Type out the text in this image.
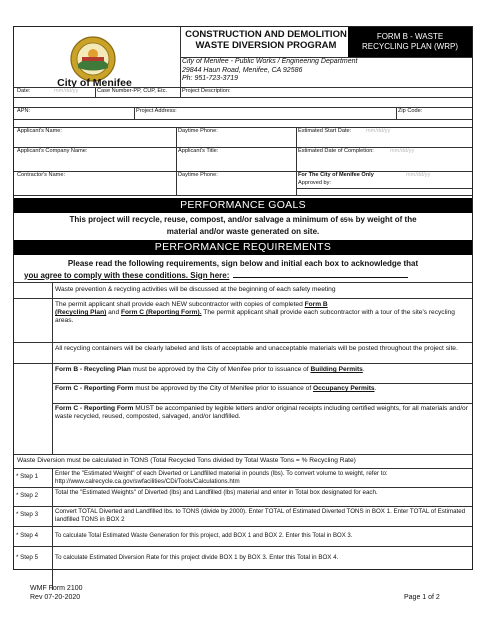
City of Menifee
CONSTRUCTION AND DEMOLITION
WASTE DIVERSION PROGRAM
FORM B - WASTE
RECYCLING PLAN (WRP)
City of Menifee - Public Works / Engineering Department
29844 Haun Road, Menifee, CA 92586
Ph: 951-723-3719
Date:	mm/dd/yy	Case Number-PP, CUP, Etc.	Project Description:
APN:	Project Address:	Zip Code:
Applicant's Name:	Daytime Phone:	Estimated Start Date:	mm/dd/yy
Applicant's Company Name:	Applicant's Title:	Estimated Date of Completion:	mm/dd/yy
Contractor's Name:	Daytime Phone:	For The City of Menifee Only	mm/dd/yy
Approved by:
PERFORMANCE GOALS
This project will recycle, reuse, compost, and/or salvage a minimum of 65% by weight of the
material and/or waste generated on site.
PERFORMANCE REQUIREMENTS
Please read the following requirements, sign below and initial each box to acknowledge that
you agree to comply with these conditions. Sign here:
Waste prevention & recycling activities will be discussed at the beginning of each safety meeting
The permit applicant shall provide each NEW subcontractor with copies of completed Form B
(Recycling Plan) and Form C (Reporting Form). The permit applicant shall provide each subcontractor with a tour of the site's recycling areas.
All recycling containers will be clearly labeled and lists of acceptable and unacceptable materials will be posted throughout the project site.
Form B - Recycling Plan must be approved by the City of Menifee prior to issuance of Building Permits.
Form C - Reporting Form must be approved by the City of Menifee prior to issuance of Occupancy Permits.
Form C - Reporting Form MUST be accompanied by legible letters and/or original receipts including certified weights, for all materials and/or waste recycled, reused, composted, salvaged, and/or landfilled.
Waste Diversion must be calculated in TONS (Total Recycled Tons divided by Total Waste Tons = % Recycling Rate)
* Step 1	Enter the "Estimated Weight" of each Diverted or Landfilled material in pounds (lbs). To convert volume to weight, refer to: http://www.calrecycle.ca.gov/swfacilities/CDi/Tools/Calculations.htm
* Step 2	Total the "Estimated Weights" of Diverted (lbs) and Landfilled (lbs) material and enter in Total box designated for each.
* Step 3	Convert TOTAL Diverted and Landfilled lbs. to TONS (divide by 2000). Enter TOTAL of Estimated Diverted TONS in BOX 1. Enter TOTAL of Estimated landfilled TONS in BOX 2
* Step 4	To calculate Total Estimated Waste Generation for this project, add BOX 1 and BOX 2. Enter this Total in BOX 3.
* Step 5	To calculate Estimated Diversion Rate for this project divide BOX 1 by BOX 3. Enter this Total in BOX 4.
WMF Form 2100
Rev 07-20-2020	Page 1 of 2
